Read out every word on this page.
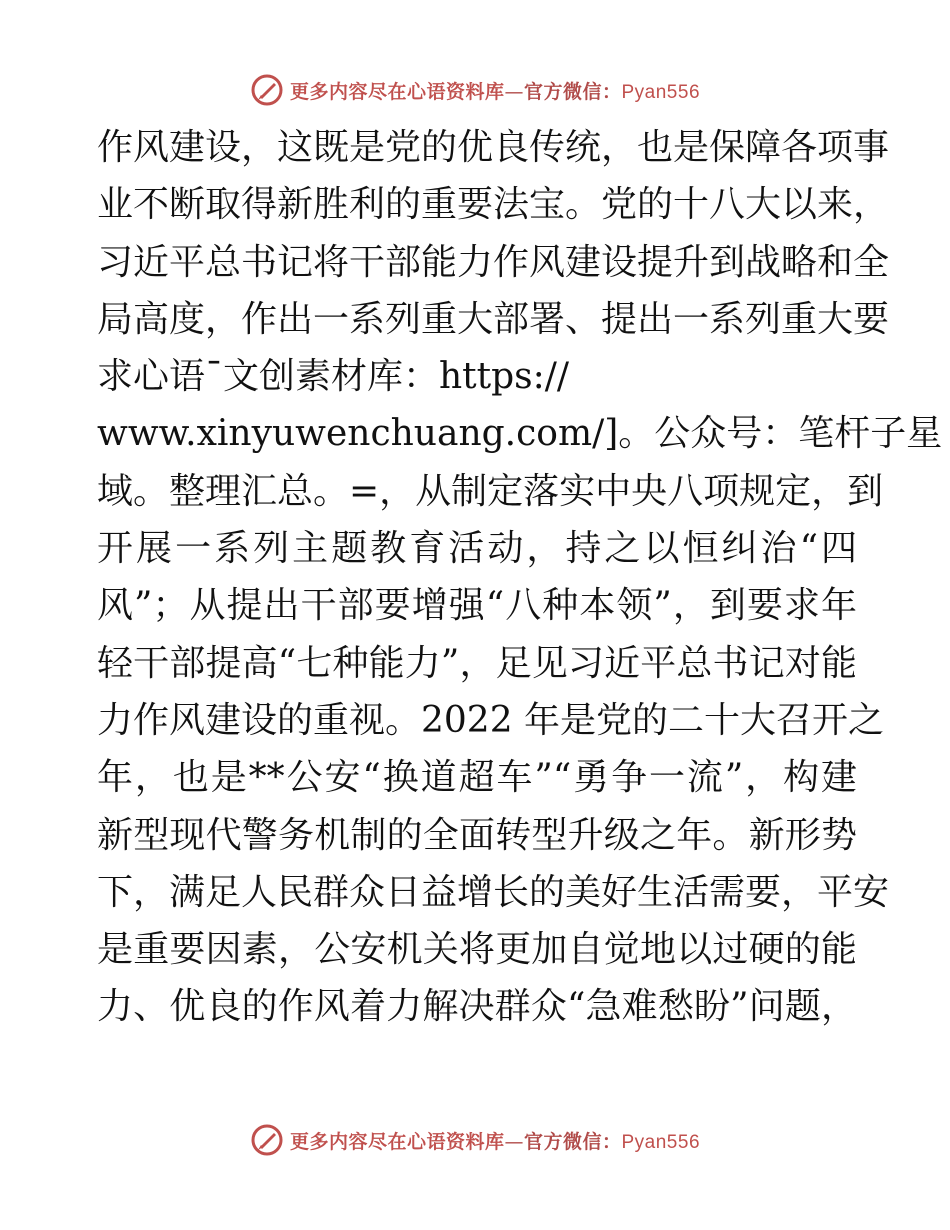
更多内容尽在心语资料库—官方微信：Pyan556
作风建设，这既是党的优良传统，也是保障各项事
业不断取得新胜利的重要法宝。党的十八大以来，
习近平总书记将干部能力作风建设提升到战略和全
局高度，作出一系列重大部署、提出一系列重大要
求心语¯文创素材库：https://
www.xinyuwenchuang.com/]。公众号：笔杆子星
域。整理汇总。=，从制定落实中央八项规定，到
开展一系列主题教育活动，持之以恒纠治“四
风”；从提出干部要增强“八种本领”，到要求年
轻干部提高“七种能力”，足见习近平总书记对能
力作风建设的重视。2022 年是党的二十大召开之
年，也是**公安“换道超车”“勇争一流”，构建
新型现代警务机制的全面转型升级之年。新形势
下，满足人民群众日益增长的美好生活需要，平安
是重要因素，公安机关将更加自觉地以过硬的能
力、优良的作风着力解决群众“急难愁盼”问题，
更多内容尽在心语资料库—官方微信：Pyan556
